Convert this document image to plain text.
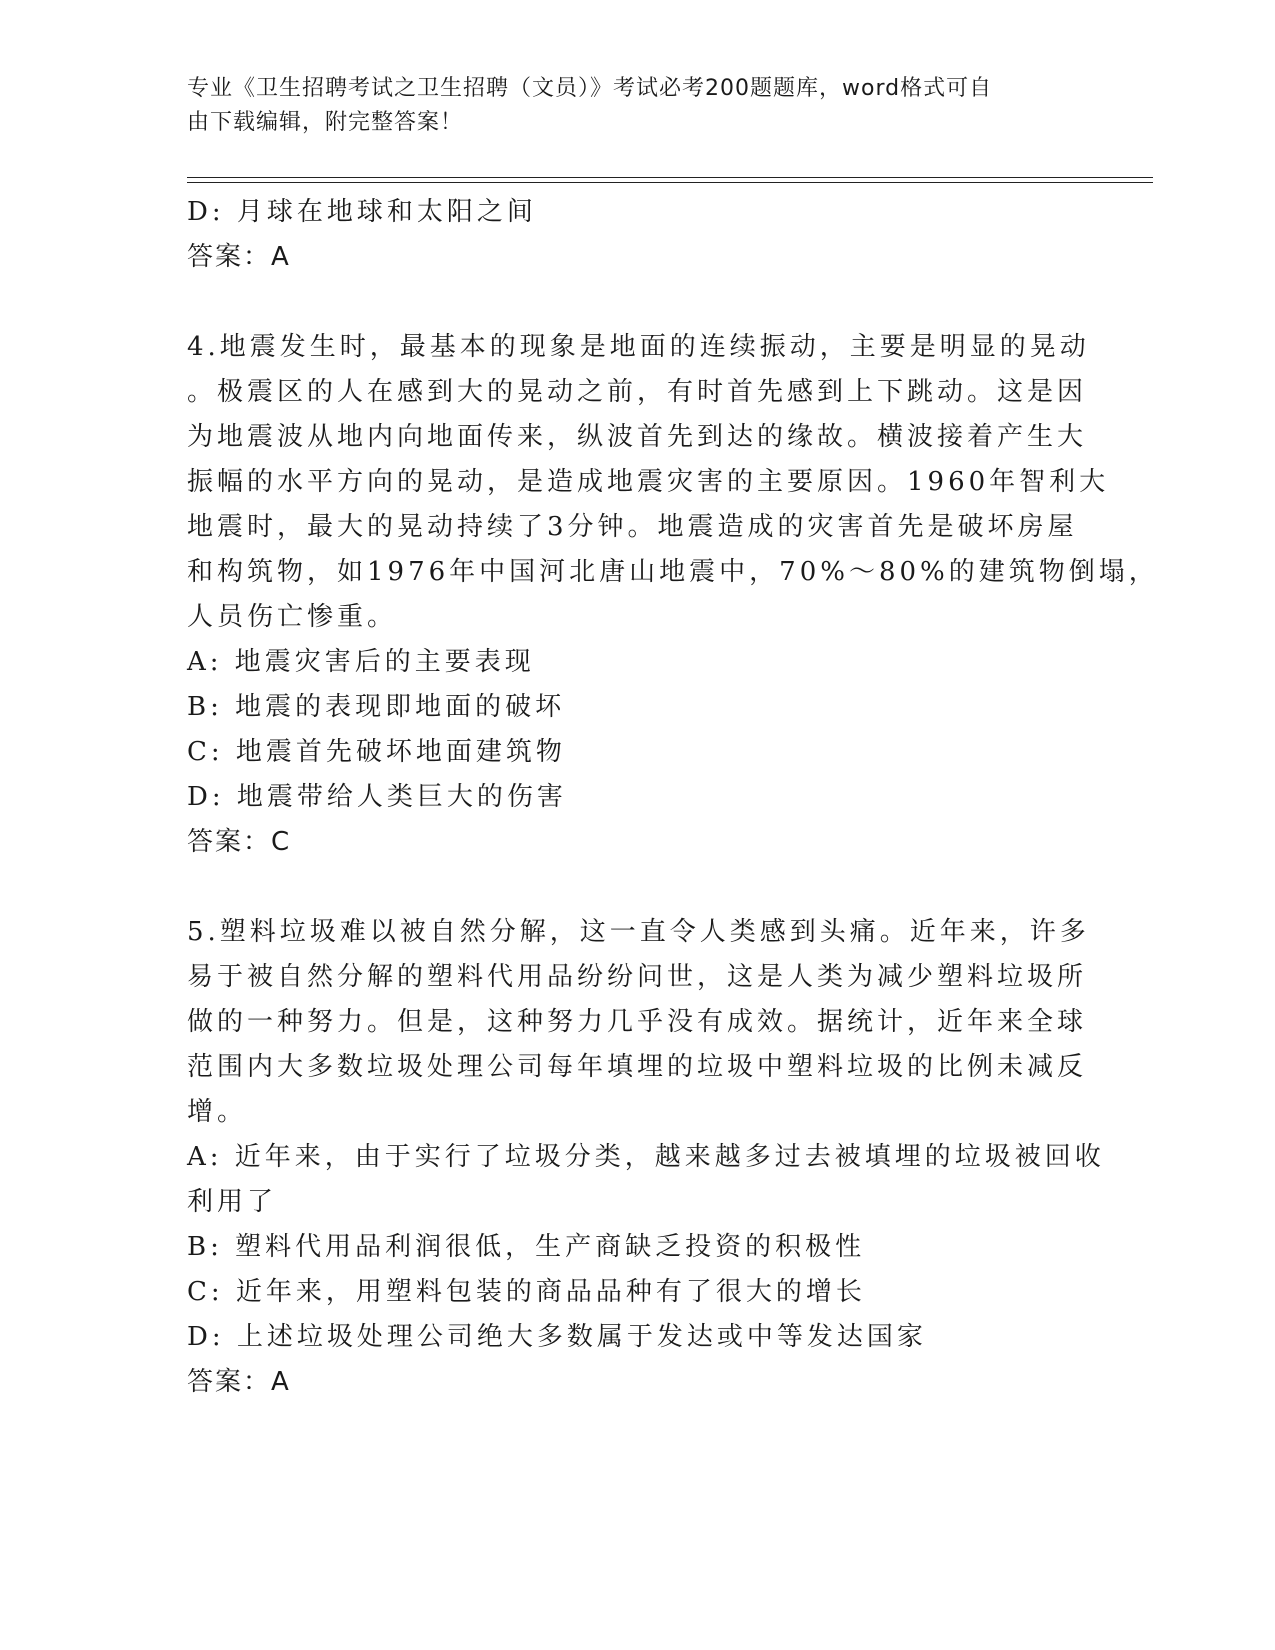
专业《卫生招聘考试之卫生招聘（文员）》考试必考200题题库，word格式可自
由下载编辑，附完整答案！
D: 月球在地球和太阳之间
答案：A
4.地震发生时，最基本的现象是地面的连续振动，主要是明显的晃动
。极震区的人在感到大的晃动之前，有时首先感到上下跳动。这是因
为地震波从地内向地面传来，纵波首先到达的缘故。横波接着产生大
振幅的水平方向的晃动，是造成地震灾害的主要原因。1960年智利大
地震时，最大的晃动持续了3分钟。地震造成的灾害首先是破坏房屋
和构筑物，如1976年中国河北唐山地震中，70%～80%的建筑物倒塌，
人员伤亡惨重。
A: 地震灾害后的主要表现
B: 地震的表现即地面的破坏
C: 地震首先破坏地面建筑物
D: 地震带给人类巨大的伤害
答案：C
5.塑料垃圾难以被自然分解，这一直令人类感到头痛。近年来，许多
易于被自然分解的塑料代用品纷纷问世，这是人类为减少塑料垃圾所
做的一种努力。但是，这种努力几乎没有成效。据统计，近年来全球
范围内大多数垃圾处理公司每年填埋的垃圾中塑料垃圾的比例未减反
增。
A: 近年来，由于实行了垃圾分类，越来越多过去被填埋的垃圾被回收
利用了
B: 塑料代用品利润很低，生产商缺乏投资的积极性
C: 近年来，用塑料包装的商品品种有了很大的增长
D: 上述垃圾处理公司绝大多数属于发达或中等发达国家
答案：A
